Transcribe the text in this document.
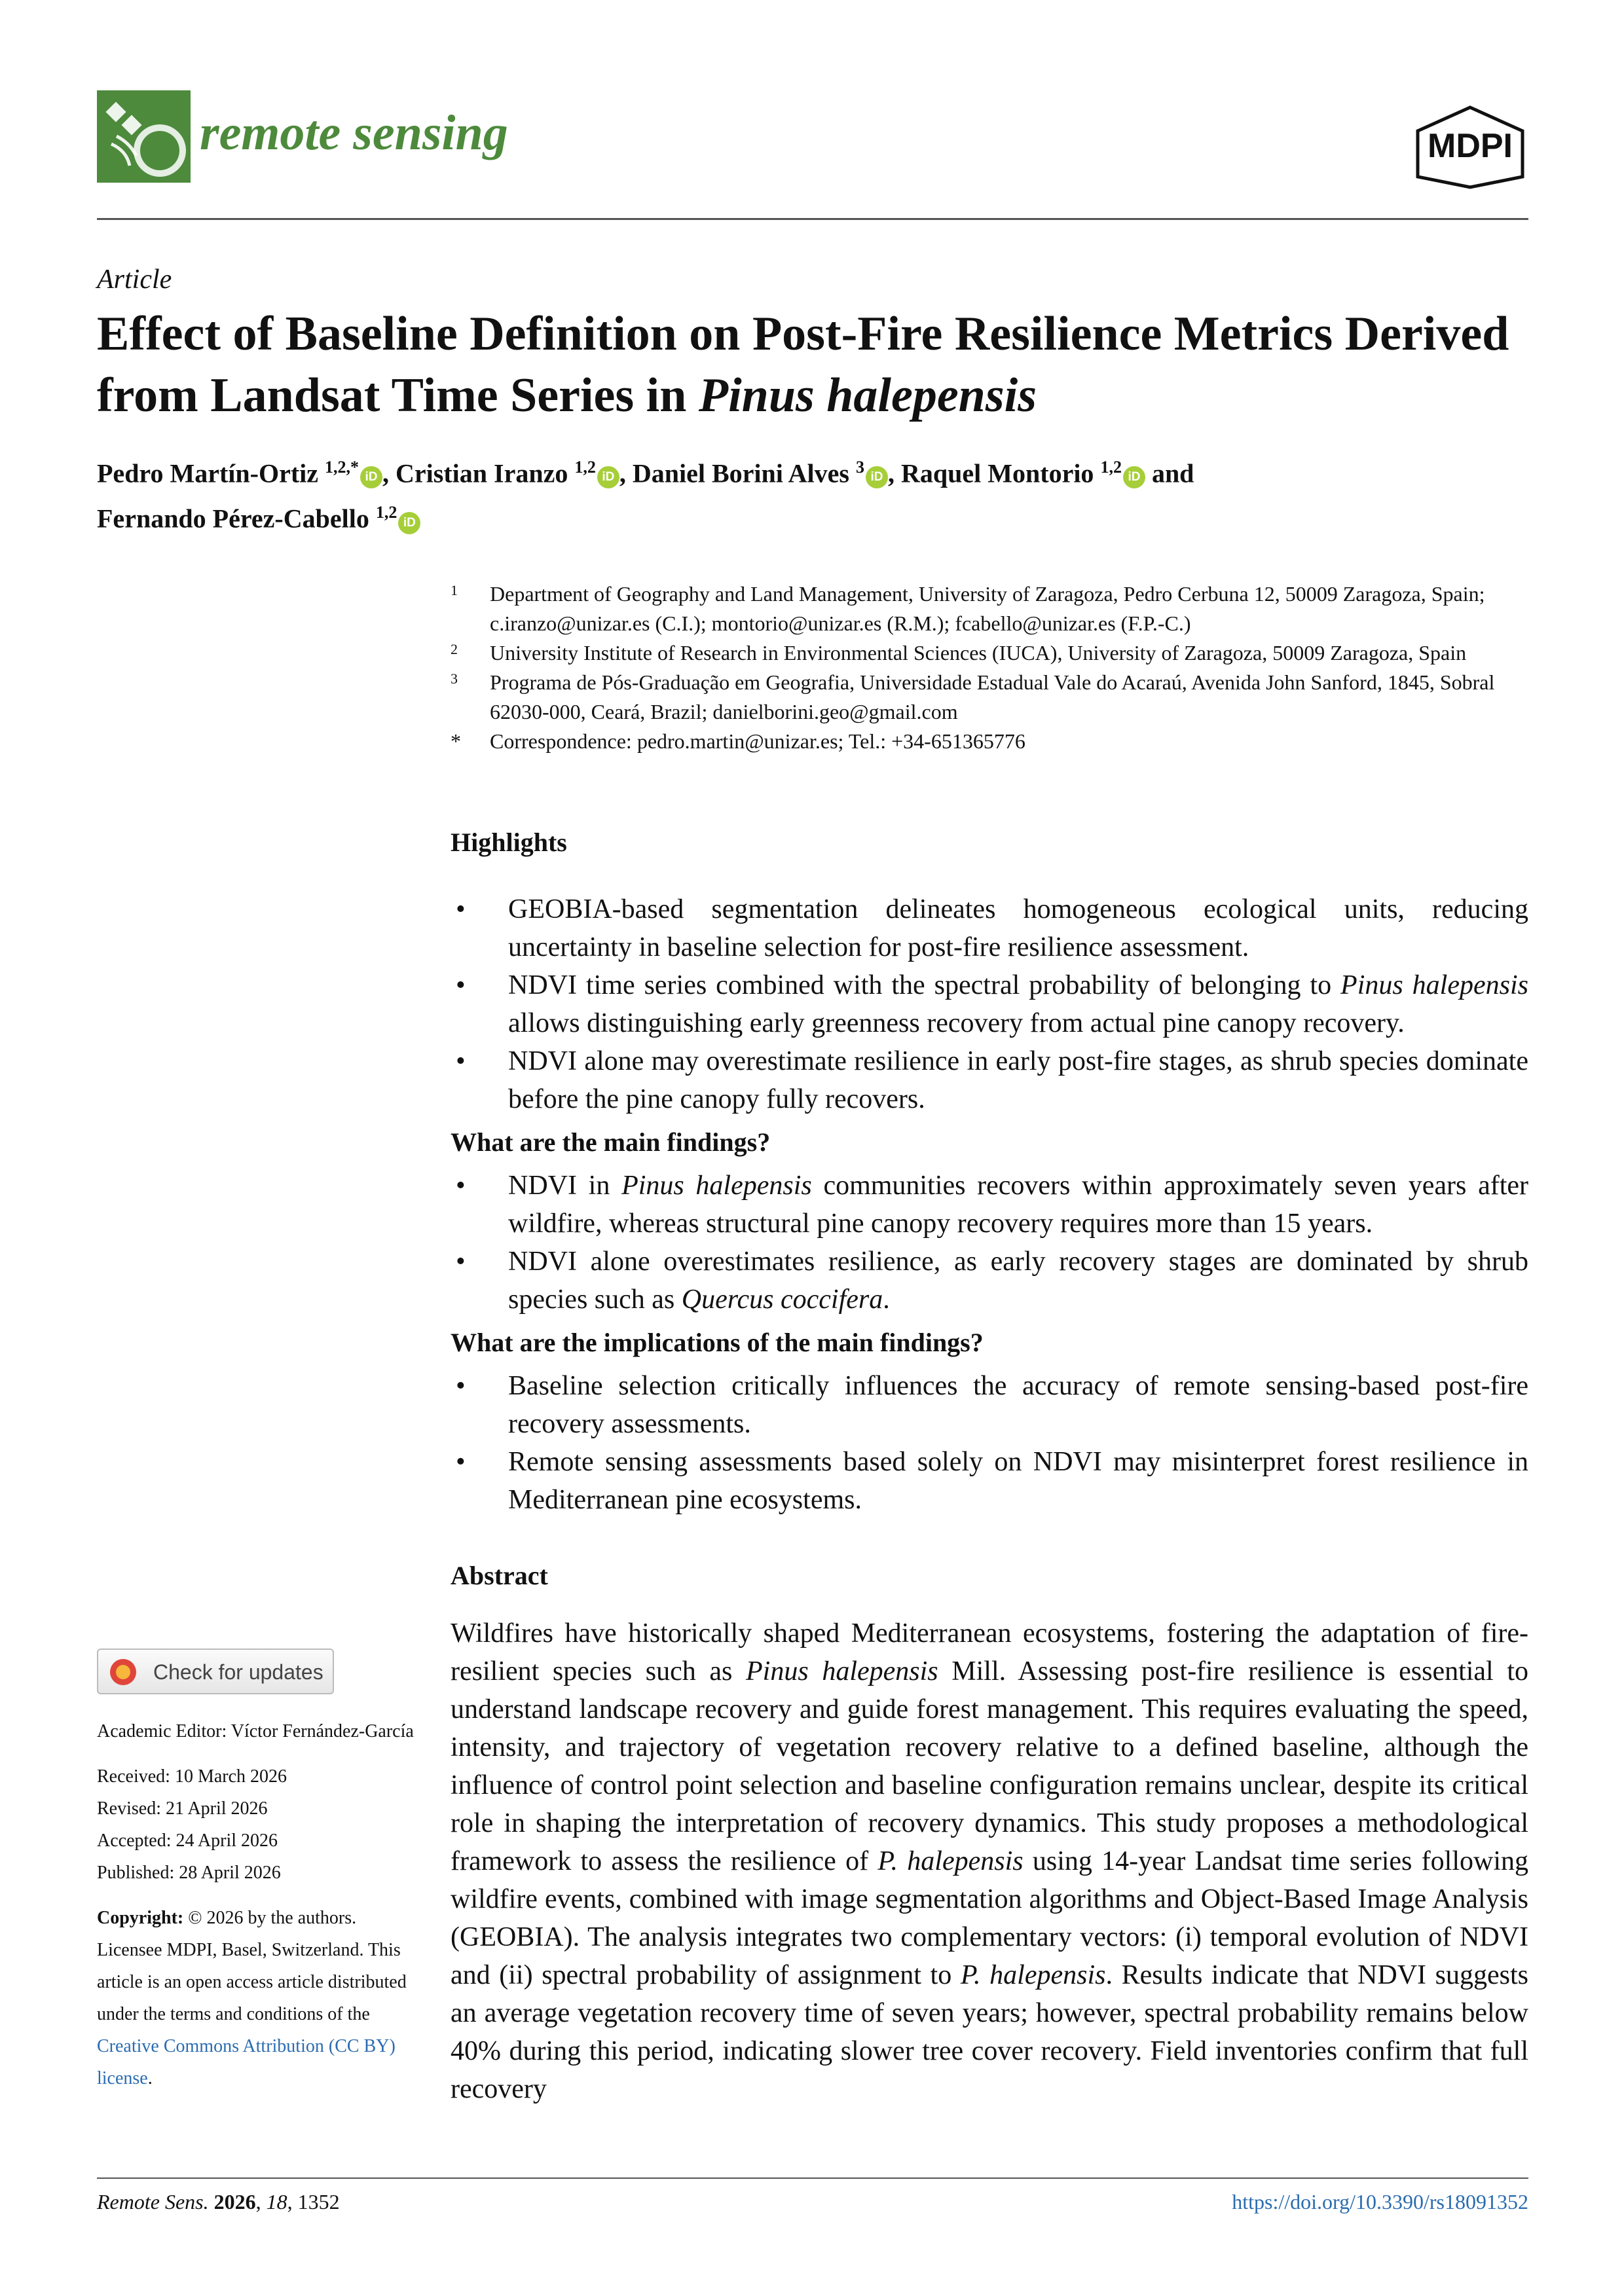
remote sensing	MDPI
Article
Effect of Baseline Definition on Post-Fire Resilience Metrics Derived from Landsat Time Series in Pinus halepensis
Pedro Martín-Ortiz $^{1,2,*}$iD , Cristian Iranzo $^{1,2}$iD , Daniel Borini Alves $^3$iD , Raquel Montorio $^{1,2}$iD and
Fernando Pérez-Cabello $^{1,2}$iD
1 Department of Geography and Land Management, University of Zaragoza, Pedro Cerbuna 12, 50009 Zaragoza, Spain; c.iranzo@unizar.es (C.I.); montorio@unizar.es (R.M.); fcabello@unizar.es (F.P.-C.)
2 University Institute of Research in Environmental Sciences (IUCA), University of Zaragoza, 50009 Zaragoza, Spain
3 Programa de Pós-Graduação em Geografia, Universidade Estadual Vale do Acaraú, Avenida John Sanford, 1845, Sobral 62030-000, Ceará, Brazil; danielborini.geo@gmail.com
* Correspondence: pedro.martin@unizar.es; Tel.: +34-651365776

Highlights

• GEOBIA-based segmentation delineates homogeneous ecological units, reducing uncertainty in baseline selection for post-fire resilience assessment.
• NDVI time series combined with the spectral probability of belonging to Pinus halepensis allows distinguishing early greenness recovery from actual pine canopy recovery.
• NDVI alone may overestimate resilience in early post-fire stages, as shrub species dominate before the pine canopy fully recovers.

What are the main findings?

• NDVI in Pinus halepensis communities recovers within approximately seven years after wildfire, whereas structural pine canopy recovery requires more than 15 years.
• NDVI alone overestimates resilience, as early recovery stages are dominated by shrub species such as Quercus coccifera.

What are the implications of the main findings?

• Baseline selection critically influences the accuracy of remote sensing-based post-fire recovery assessments.
• Remote sensing assessments based solely on NDVI may misinterpret forest resilience in Mediterranean pine ecosystems.

Abstract

Wildfires have historically shaped Mediterranean ecosystems, fostering the adaptation of fire-resilient species such as Pinus halepensis Mill. Assessing post-fire resilience is essential to understand landscape recovery and guide forest management. This requires evaluating the speed, intensity, and trajectory of vegetation recovery relative to a defined baseline, although the influence of control point selection and baseline configuration remains unclear, despite its critical role in shaping the interpretation of recovery dynamics. This study proposes a methodological framework to assess the resilience of P. halepensis using 14-year Landsat time series following wildfire events, combined with image segmentation algorithms and Object-Based Image Analysis (GEOBIA). The analysis integrates two complementary vectors: (i) temporal evolution of NDVI and (ii) spectral probability of assignment to P. halepensis. Results indicate that NDVI suggests an average vegetation recovery time of seven years; however, spectral probability remains below 40% during this period, indicating slower tree cover recovery. Field inventories confirm that full recovery

Check for updates

Academic Editor: Víctor Fernández-García

Received: 10 March 2026

Revised: 21 April 2026

Accepted: 24 April 2026

Published: 28 April 2026

Copyright: © 2026 by the authors. Licensee MDPI, Basel, Switzerland. This article is an open access article distributed under the terms and conditions of the Creative Commons Attribution (CC BY) license.

Remote Sens. 2026, 18, 1352	https://doi.org/10.3390/rs18091352
